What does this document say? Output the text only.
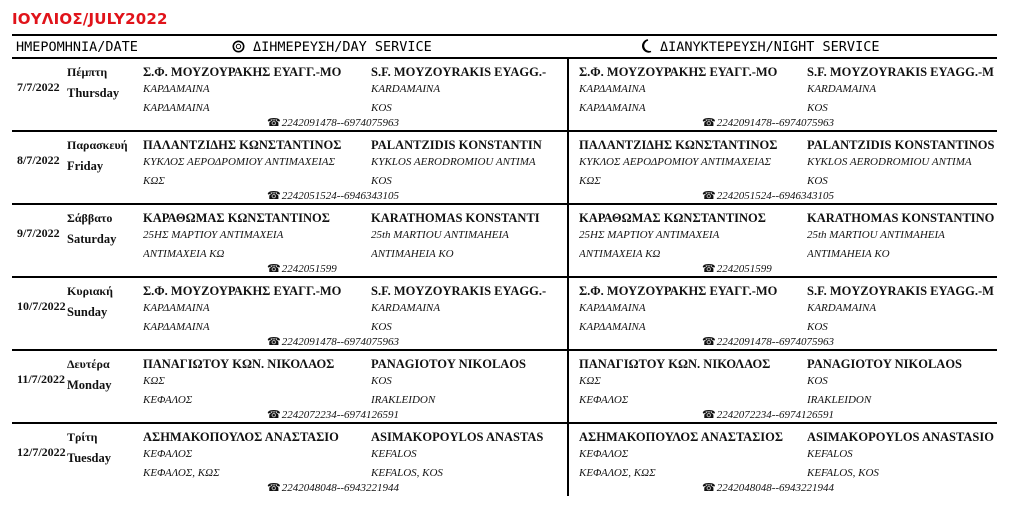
ΙΟΥΛΙΟΣ/JULY2022
ΗΜΕΡΟΜΗΝΙΑ/DATE	ΔΙΗΜΕΡΕΥΣΗ/DAY SERVICE	ΔΙΑΝΥΚΤΕΡΕΥΣΗ/NIGHT SERVICE
7/7/2022
Πέμπτη
Thursday
Σ.Φ. ΜΟΥΖΟΥΡΑΚΗΣ ΕΥΑΓΓ.-ΜΟ
ΚΑΡΔΑΜΑΙΝΑ
ΚΑΡΔΑΜΑΙΝΑ
S.F. MOYZOYRAKIS EYAGG.-
KARDAMAINA
KOS
☎2242091478--6974075963
Σ.Φ. ΜΟΥΖΟΥΡΑΚΗΣ ΕΥΑΓΓ.-ΜΟ
ΚΑΡΔΑΜΑΙΝΑ
ΚΑΡΔΑΜΑΙΝΑ
S.F. MOYZOYRAKIS EYAGG.-M
KARDAMAINA
KOS
☎2242091478--6974075963
8/7/2022
Παρασκευή
Friday
ΠΑΛΑΝΤΖΙΔΗΣ ΚΩΝΣΤΑΝΤΙΝΟΣ
ΚΥΚΛΟΣ ΑΕΡΟΔΡΟΜΙΟΥ ΑΝΤΙΜΑΧΕΙΑΣ
ΚΩΣ
PALANTZIDIS KONSTANTIN
KYKLOS AERODROMIOU ANTIMA
KOS
☎2242051524--6946343105
ΠΑΛΑΝΤΖΙΔΗΣ ΚΩΝΣΤΑΝΤΙΝΟΣ
ΚΥΚΛΟΣ ΑΕΡΟΔΡΟΜΙΟΥ ΑΝΤΙΜΑΧΕΙΑΣ
ΚΩΣ
PALANTZIDIS KONSTANTINOS
KYKLOS AERODROMIOU ANTIMA
KOS
☎2242051524--6946343105
9/7/2022
Σάββατο
Saturday
ΚΑΡΑΘΩΜΑΣ ΚΩΝΣΤΑΝΤΙΝΟΣ
25ΗΣ ΜΑΡΤΙΟΥ ΑΝΤΙΜΑΧΕΙΑ
ΑΝΤΙΜΑΧΕΙΑ ΚΩ
KARATHOMAS KONSTANTI
25th MARTIOU ANTIMAHEIA
ANTIMAHEIA KO
☎2242051599
ΚΑΡΑΘΩΜΑΣ ΚΩΝΣΤΑΝΤΙΝΟΣ
25ΗΣ ΜΑΡΤΙΟΥ ΑΝΤΙΜΑΧΕΙΑ
ΑΝΤΙΜΑΧΕΙΑ ΚΩ
KARATHOMAS KONSTANTINO
25th MARTIOU ANTIMAHEIA
ANTIMAHEIA KO
☎2242051599
10/7/2022
Κυριακή
Sunday
Σ.Φ. ΜΟΥΖΟΥΡΑΚΗΣ ΕΥΑΓΓ.-ΜΟ
ΚΑΡΔΑΜΑΙΝΑ
ΚΑΡΔΑΜΑΙΝΑ
S.F. MOYZOYRAKIS EYAGG.-
KARDAMAINA
KOS
☎2242091478--6974075963
Σ.Φ. ΜΟΥΖΟΥΡΑΚΗΣ ΕΥΑΓΓ.-ΜΟ
ΚΑΡΔΑΜΑΙΝΑ
ΚΑΡΔΑΜΑΙΝΑ
S.F. MOYZOYRAKIS EYAGG.-M
KARDAMAINA
KOS
☎2242091478--6974075963
11/7/2022
Δευτέρα
Monday
ΠΑΝΑΓΙΩΤΟΥ ΚΩΝ. ΝΙΚΟΛΑΟΣ
ΚΩΣ
ΚΕΦΑΛΟΣ
PANAGIOTOY NIKOLAOS
KOS
IRAKLEIDON
☎2242072234--6974126591
ΠΑΝΑΓΙΩΤΟΥ ΚΩΝ. ΝΙΚΟΛΑΟΣ
ΚΩΣ
ΚΕΦΑΛΟΣ
PANAGIOTOY NIKOLAOS
KOS
IRAKLEIDON
☎2242072234--6974126591
12/7/2022
Τρίτη
Tuesday
ΑΣΗΜΑΚΟΠΟΥΛΟΣ ΑΝΑΣΤΑΣΙΟ
ΚΕΦΑΛΟΣ
ΚΕΦΑΛΟΣ, ΚΩΣ
ASIMAKOPOYLOS ANASTAS
KEFALOS
KEFALOS, KOS
☎2242048048--6943221944
ΑΣΗΜΑΚΟΠΟΥΛΟΣ ΑΝΑΣΤΑΣΙΟΣ
ΚΕΦΑΛΟΣ
ΚΕΦΑΛΟΣ, ΚΩΣ
ASIMAKOPOYLOS ANASTASIO
KEFALOS
KEFALOS, KOS
☎2242048048--6943221944
